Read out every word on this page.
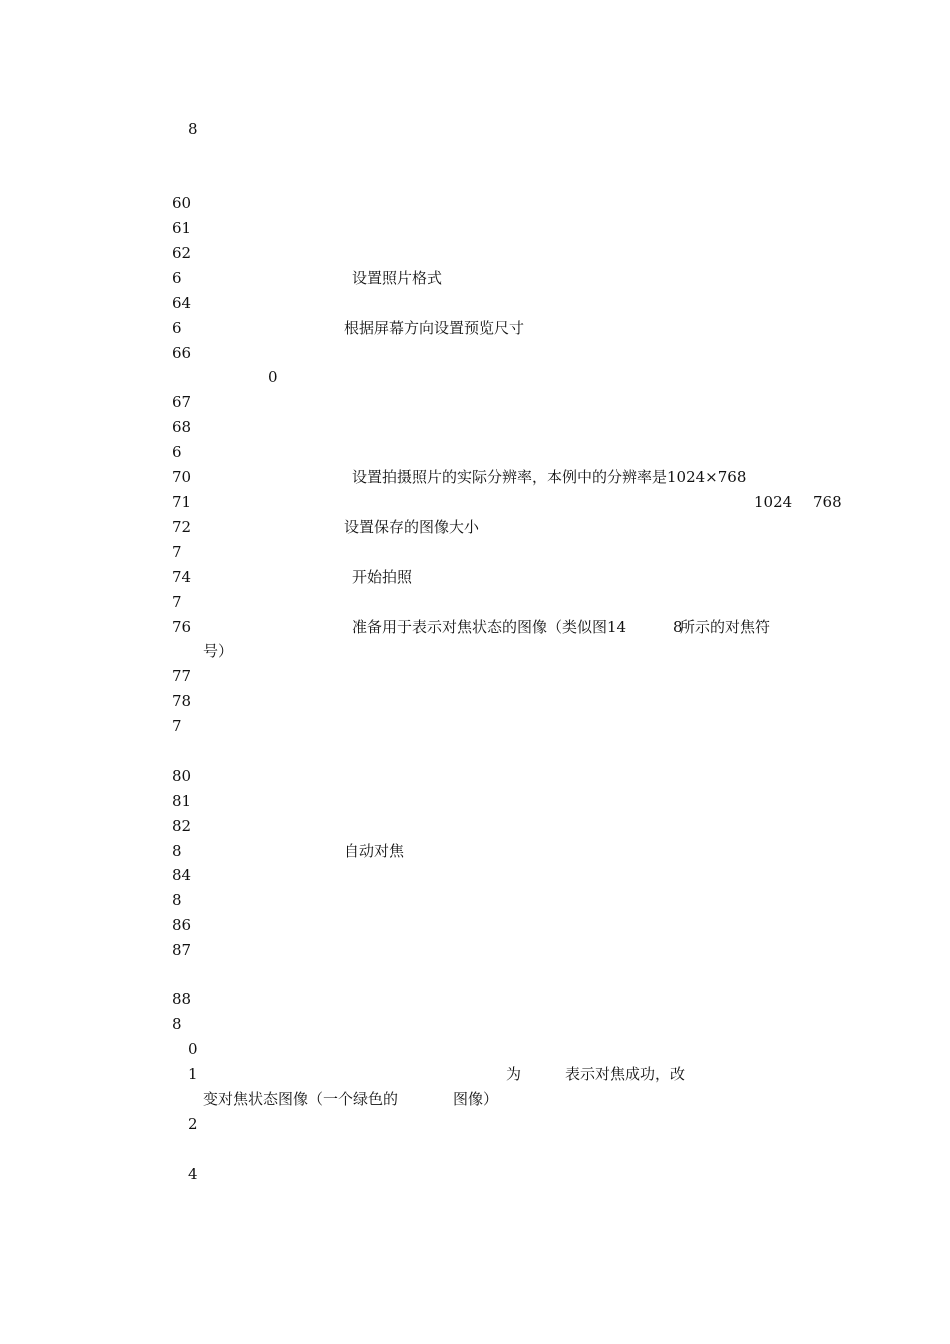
8
60
61
62
6	设置照片格式
64
6	根据屏幕方向设置预览尺寸
66
0
67
68
6
70	设置拍摄照片的实际分辨率，本例中的分辨率是1024×768
71	1024 768
72	设置保存的图像大小
7
74	开始拍照
7
76	准备用于表示对焦状态的图像（类似图14	8
所示的对焦符
号）
77
78
7
80
81
82
8	自动对焦
84
8
86
87
88
8
0
1	为	表示对焦成功，改
变对焦状态图像（一个绿色的	图像）
2
4
